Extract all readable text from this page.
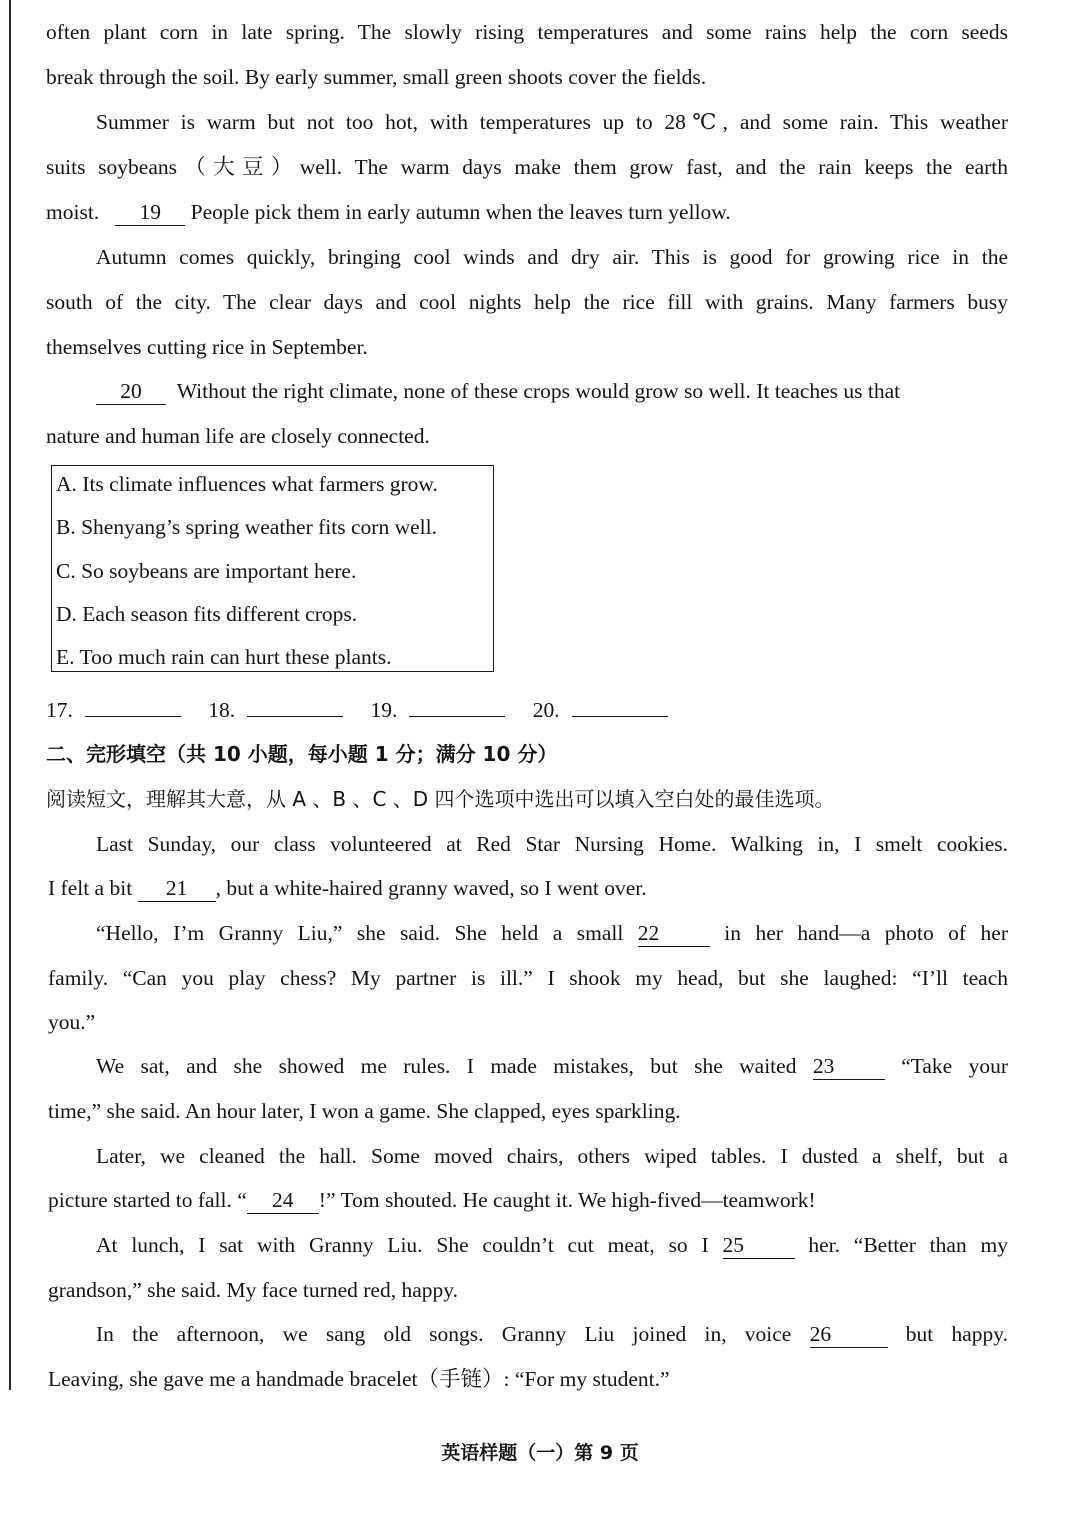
often plant corn in late spring. The slowly rising temperatures and some rains help the corn seeds
break through the soil. By early summer, small green shoots cover the fields.
Summer is warm but not too hot, with temperatures up to 28℃, and some rain. This weather
suits soybeans（大豆）well. The warm days make them grow fast, and the rain keeps the earth
moist. 19 People pick them in early autumn when the leaves turn yellow.
Autumn comes quickly, bringing cool winds and dry air. This is good for growing rice in the
south of the city. The clear days and cool nights help the rice fill with grains. Many farmers busy
themselves cutting rice in September.
20 Without the right climate, none of these crops would grow so well. It teaches us that
nature and human life are closely connected.
A. Its climate influences what farmers grow.
B. Shenyang’s spring weather fits corn well.
C. So soybeans are important here.
D. Each season fits different crops.
E. Too much rain can hurt these plants.
17.	18.	19.	20.
二、完形填空（共 10 小题，每小题 1 分；满分 10 分）
阅读短文，理解其大意，从 A 、B 、C 、D 四个选项中选出可以填入空白处的最佳选项。
Last Sunday, our class volunteered at Red Star Nursing Home. Walking in, I smelt cookies.
I felt a bit 21 , but a white-haired granny waved, so I went over.
“Hello, I’m Granny Liu,” she said. She held a small 22	in her hand—a photo of her
family. “Can you play chess? My partner is ill.” I shook my head, but she laughed: “I’ll teach
you.”
We sat, and she showed me rules. I made mistakes, but she waited 23	“Take your
time,” she said. An hour later, I won a game. She clapped, eyes sparkling.
Later, we cleaned the hall. Some moved chairs, others wiped tables. I dusted a shelf, but a
picture started to fall. “ 24 !” Tom shouted. He caught it. We high-fived—teamwork!
At lunch, I sat with Granny Liu. She couldn’t cut meat, so I 25	her. “Better than my
grandson,” she said. My face turned red, happy.
In the afternoon, we sang old songs. Granny Liu joined in, voice 26	but happy.
Leaving, she gave me a handmade bracelet（手链）: “For my student.”
英语样题（一）第 9 页
